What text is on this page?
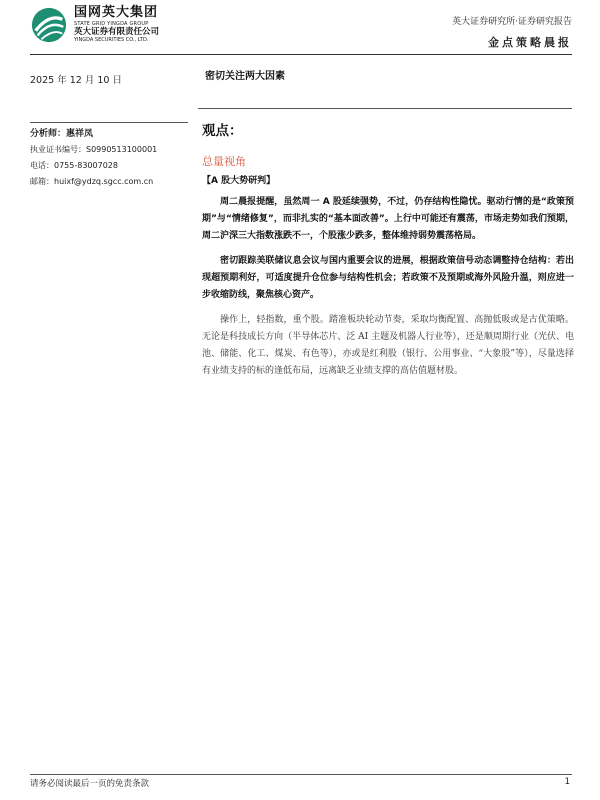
国网英大集团
STATE GRID YINGDA GROUP
英大证券有限责任公司
YINGDA SECURITIES CO., LTD.
英大证券研究所·证券研究报告
金点策略晨报
2025 年 12 月 10 日	密切关注两大因素
分析师：惠祥凤
执业证书编号：S0990513100001
电话：0755-83007028
邮箱：huixf@ydzq.sgcc.com.cn
观点：
总量视角

【A 股大势研判】

周二晨报提醒，虽然周一 A 股延续强势，不过，仍存结构性隐忧。驱动行情的是“政策预期”与“情绪修复”，而非扎实的“基本面改善”。上行中可能还有震荡，市场走势如我们预期，周二沪深三大指数涨跌不一，个股涨少跌多，整体维持弱势震荡格局。

密切跟踪美联储议息会议与国内重要会议的进展，根据政策信号动态调整持仓结构：若出现超预期利好，可适度提升仓位参与结构性机会；若政策不及预期或海外风险升温，则应进一步收缩防线，聚焦核心资产。

操作上，轻指数，重个股。踏准板块轮动节奏，采取均衡配置、高抛低吸或是古优策略。无论是科技成长方向（半导体芯片、泛 AI 主题及机器人行业等），还是顺周期行业（光伏、电池、储能、化工、煤炭、有色等），亦或是红利股（银行、公用事业、“大象股”等），尽量选择有业绩支持的标的逢低布局，远离缺乏业绩支撑的高估值题材股。

请务必阅读最后一页的免责条款	1
